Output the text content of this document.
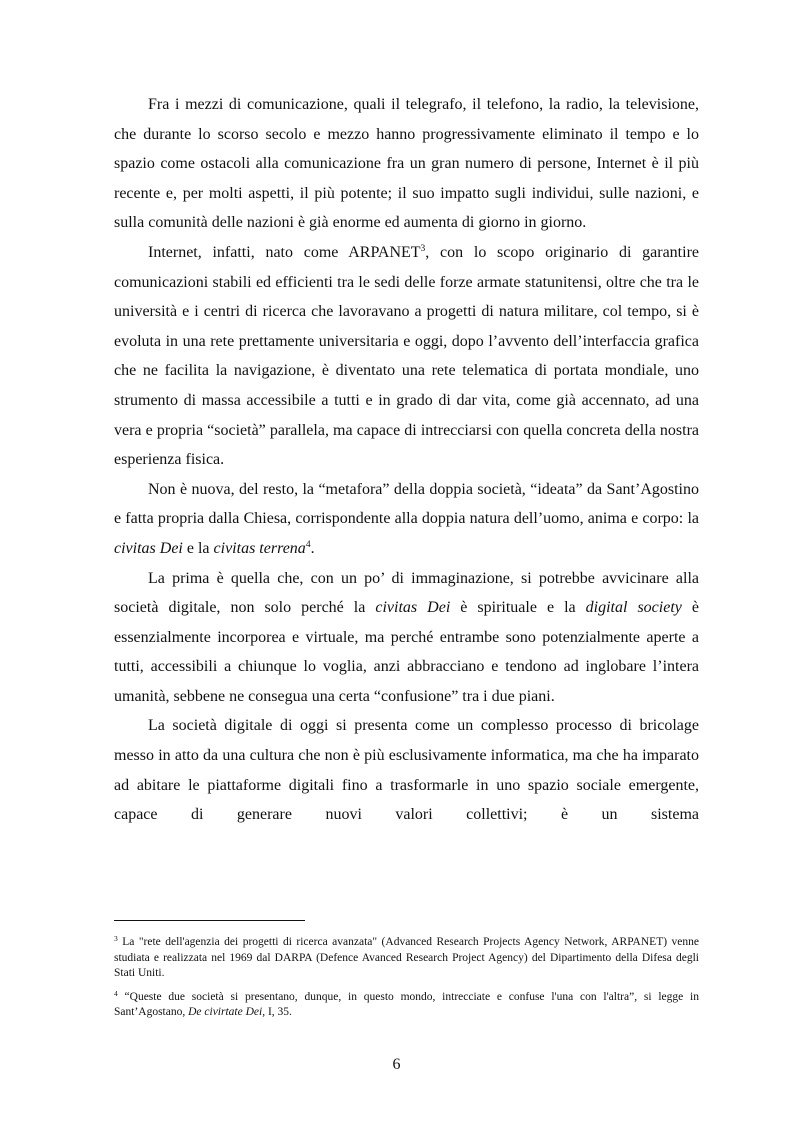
Fra i mezzi di comunicazione, quali il telegrafo, il telefono, la radio, la televisione, che durante lo scorso secolo e mezzo hanno progressivamente eliminato il tempo e lo spazio come ostacoli alla comunicazione fra un gran numero di persone, Internet è il più recente e, per molti aspetti, il più potente; il suo impatto sugli individui, sulle nazioni, e sulla comunità delle nazioni è già enorme ed aumenta di giorno in giorno.

Internet, infatti, nato come ARPANET$^3$, con lo scopo originario di garantire comunicazioni stabili ed efficienti tra le sedi delle forze armate statunitensi, oltre che tra le università e i centri di ricerca che lavoravano a progetti di natura militare, col tempo, si è evoluta in una rete prettamente universitaria e oggi, dopo l’avvento dell’interfaccia grafica che ne facilita la navigazione, è diventato una rete telematica di portata mondiale, uno strumento di massa accessibile a tutti e in grado di dar vita, come già accennato, ad una vera e propria “società” parallela, ma capace di intrecciarsi con quella concreta della nostra esperienza fisica.

Non è nuova, del resto, la “metafora” della doppia società, “ideata” da Sant’Agostino e fatta propria dalla Chiesa, corrispondente alla doppia natura dell’uomo, anima e corpo: la civitas Dei e la civitas terrena$^4$.

La prima è quella che, con un po’ di immaginazione, si potrebbe avvicinare alla società digitale, non solo perché la civitas Dei è spirituale e la digital society è essenzialmente incorporea e virtuale, ma perché entrambe sono potenzialmente aperte a tutti, accessibili a chiunque lo voglia, anzi abbracciano e tendono ad inglobare l’intera umanità, sebbene ne consegua una certa “confusione” tra i due piani.

La società digitale di oggi si presenta come un complesso processo di bricolage messo in atto da una cultura che non è più esclusivamente informatica, ma che ha imparato ad abitare le piattaforme digitali fino a trasformarle in uno spazio sociale emergente, capace di generare nuovi valori collettivi; è un sistema

$^3$ La "rete dell'agenzia dei progetti di ricerca avanzata" (Advanced Research Projects Agency Network, ARPANET) venne studiata e realizzata nel 1969 dal DARPA (Defence Avanced Research Project Agency) del Dipartimento della Difesa degli Stati Uniti.

$^4$ “Queste due società si presentano, dunque, in questo mondo, intrecciate e confuse l'una con l'altra”, si legge in Sant’Agostano, De civirtate Dei, I, 35.

6
